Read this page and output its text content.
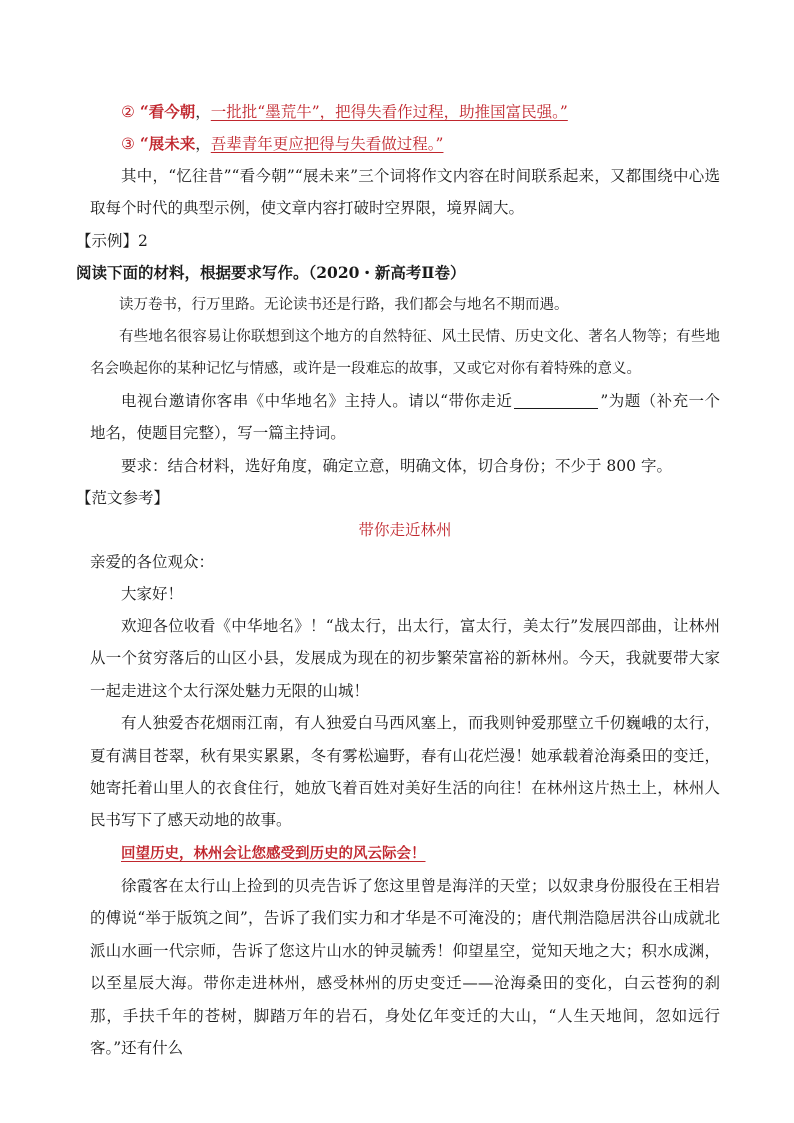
② “看今朝，一批批“墨荒牛”，把得失看作过程，助推国富民强。”

③ “展未来，吾辈青年更应把得与失看做过程。”

其中，“忆往昔”“看今朝”“展未来”三个词将作文内容在时间联系起来，又都围绕中心选取每个时代的典型示例，使文章内容打破时空界限，境界阔大。

【示例】2

阅读下面的材料，根据要求写作。（2020・新高考Ⅱ卷）

读万卷书，行万里路。无论读书还是行路，我们都会与地名不期而遇。

有些地名很容易让你联想到这个地方的自然特征、风土民情、历史文化、著名人物等；有些地名会唤起你的某种记忆与情感，或许是一段难忘的故事，又或它对你有着特殊的意义。

电视台邀请你客串《中华地名》主持人。请以“带你走近	”为题（补充一个地名，使题目完整），写一篇主持词。

要求：结合材料，选好角度，确定立意，明确文体，切合身份；不少于 800 字。

【范文参考】

带你走近林州

亲爱的各位观众：

大家好！

欢迎各位收看《中华地名》！“战太行，出太行，富太行，美太行”发展四部曲，让林州从一个贫穷落后的山区小县，发展成为现在的初步繁荣富裕的新林州。今天，我就要带大家一起走进这个太行深处魅力无限的山城！

有人独爱杏花烟雨江南，有人独爱白马西风塞上，而我则钟爱那壁立千仞巍峨的太行，夏有满目苍翠，秋有果实累累，冬有雾松遍野，春有山花烂漫！她承载着沧海桑田的变迁，她寄托着山里人的衣食住行，她放飞着百姓对美好生活的向往！在林州这片热土上，林州人民书写下了感天动地的故事。

回望历史，林州会让您感受到历史的风云际会！

徐霞客在太行山上捡到的贝壳告诉了您这里曾是海洋的天堂；以奴隶身份服役在王相岩的傅说“举于版筑之间”，告诉了我们实力和才华是不可淹没的；唐代荆浩隐居洪谷山成就北派山水画一代宗师，告诉了您这片山水的钟灵毓秀！仰望星空，觉知天地之大；积水成渊，以至星辰大海。带你走进林州，感受林州的历史变迁——沧海桑田的变化，白云苍狗的刹那，手扶千年的苍树，脚踏万年的岩石，身处亿年变迁的大山，“人生天地间，忽如远行客。”还有什么
